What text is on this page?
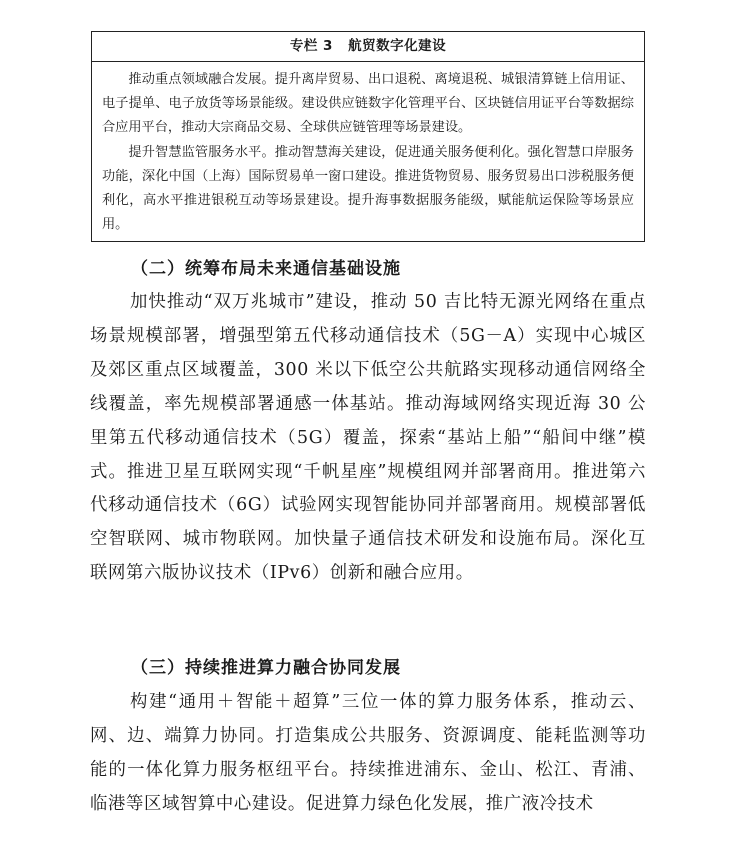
专栏 3 航贸数字化建设

推动重点领域融合发展。提升离岸贸易、出口退税、离境退税、城银清算链上信用证、电子提单、电子放货等场景能级。建设供应链数字化管理平台、区块链信用证平台等数据综合应用平台，推动大宗商品交易、全球供应链管理等场景建设。

提升智慧监管服务水平。推动智慧海关建设，促进通关服务便利化。强化智慧口岸服务功能，深化中国（上海）国际贸易单一窗口建设。推进货物贸易、服务贸易出口涉税服务便利化，高水平推进银税互动等场景建设。提升海事数据服务能级，赋能航运保险等场景应用。

（二）统筹布局未来通信基础设施

加快推动“双万兆城市”建设，推动 50 吉比特无源光网络在重点场景规模部署，增强型第五代移动通信技术（5G－A）实现中心城区及郊区重点区域覆盖，300 米以下低空公共航路实现移动通信网络全线覆盖，率先规模部署通感一体基站。推动海域网络实现近海 30 公里第五代移动通信技术（5G）覆盖，探索“基站上船”“船间中继”模式。推进卫星互联网实现“千帆星座”规模组网并部署商用。推进第六代移动通信技术（6G）试验网实现智能协同并部署商用。规模部署低空智联网、城市物联网。加快量子通信技术研发和设施布局。深化互联网第六版协议技术（IPv6）创新和融合应用。

（三）持续推进算力融合协同发展

构建“通用＋智能＋超算”三位一体的算力服务体系，推动云、网、边、端算力协同。打造集成公共服务、资源调度、能耗监测等功能的一体化算力服务枢纽平台。持续推进浦东、金山、松江、青浦、临港等区域智算中心建设。促进算力绿色化发展，推广液冷技术
